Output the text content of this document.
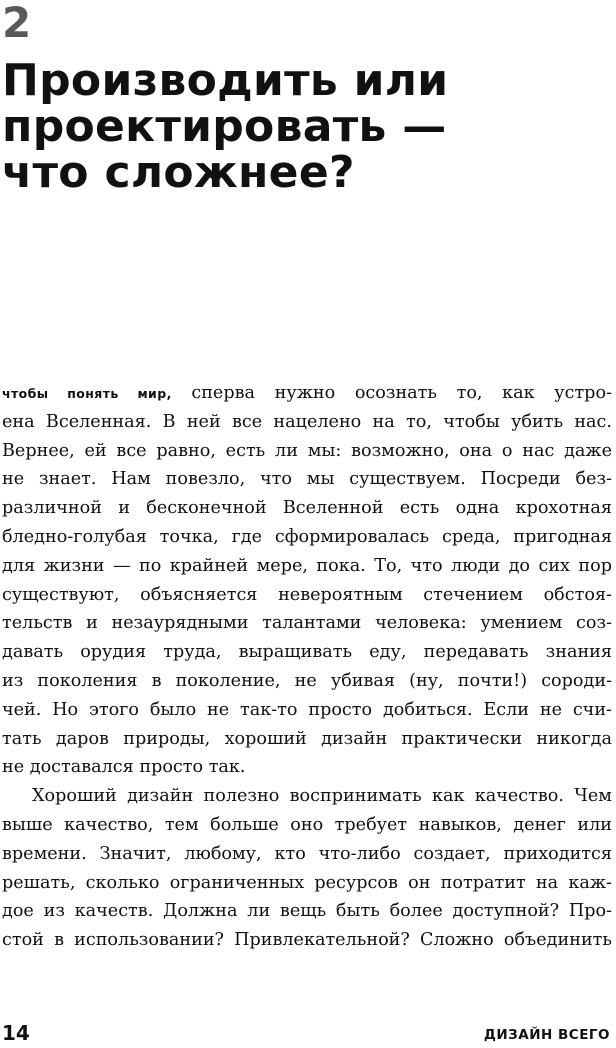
2
Производить или
проектировать —
что сложнее?
чтобы понять мир, сперва нужно осознать то, как устро-
ена Вселенная. В ней все нацелено на то, чтобы убить нас.
Вернее, ей все равно, есть ли мы: возможно, она о нас даже
не знает. Нам повезло, что мы существуем. Посреди без-
различной и бесконечной Вселенной есть одна крохотная
бледно-голубая точка, где сформировалась среда, пригодная
для жизни — по крайней мере, пока. То, что люди до сих пор
существуют, объясняется невероятным стечением обстоя-
тельств и незаурядными талантами человека: умением соз-
давать орудия труда, выращивать еду, передавать знания
из поколения в поколение, не убивая (ну, почти!) сороди-
чей. Но этого было не так-то просто добиться. Если не счи-
тать даров природы, хороший дизайн практически никогда
не доставался просто так.
Хороший дизайн полезно воспринимать как качество. Чем
выше качество, тем больше оно требует навыков, денег или
времени. Значит, любому, кто что-либо создает, приходится
решать, сколько ограниченных ресурсов он потратит на каж-
дое из качеств. Должна ли вещь быть более доступной? Про-
стой в использовании? Привлекательной? Сложно объединить
14	ДИЗАЙН ВСЕГО
